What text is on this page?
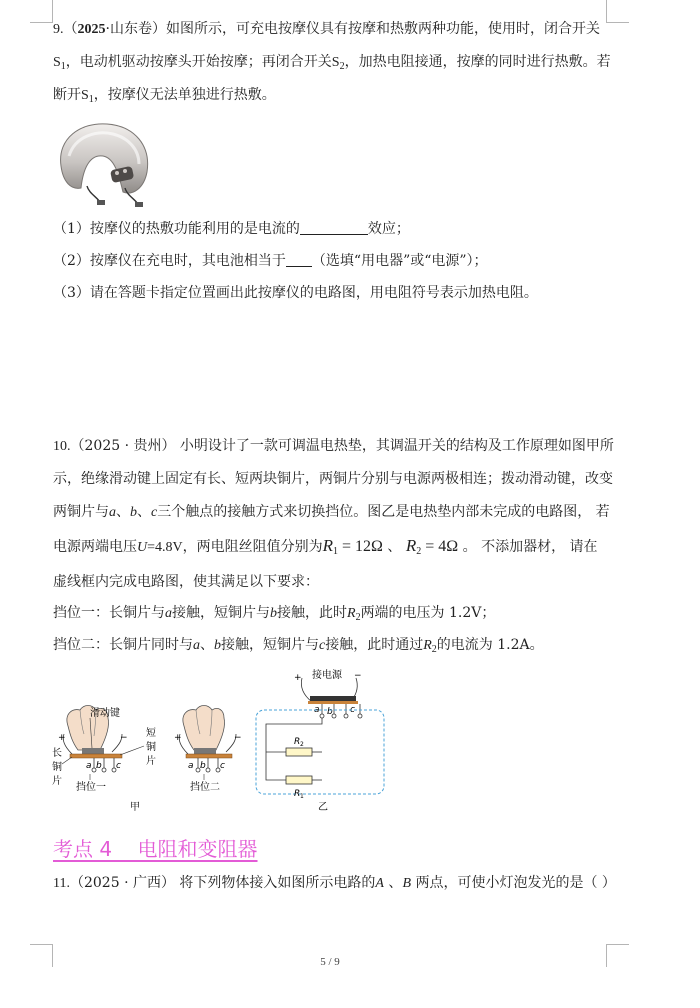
9.（2025·山东卷）如图所示，可充电按摩仪具有按摩和热敷两种功能，使用时，闭合开关
$S_1$，电动机驱动按摩头开始按摩；再闭合开关$S_2$，加热电阻接通，按摩的同时进行热敷。若
断开$S_1$，按摩仪无法单独进行热敷。
（1）按摩仪的热敷功能利用的是电流的	效应；
（2）按摩仪在充电时，其电池相当于 （选填“用电器”或“电源”）；
（3）请在答题卡指定位置画出此按摩仪的电路图，用电阻符号表示加热电阻。
10.（2025 · 贵州） 小明设计了一款可调温电热垫，其调温开关的结构及工作原理如图甲所
示，绝缘滑动键上固定有长、短两块铜片，两铜片分别与电源两极相连；拨动滑动键，改变
两铜片与a、b、c三个触点的接触方式来切换挡位。图乙是电热垫内部未完成的电路图， 若
电源两端电压U=4.8V，两电阻丝阻值分别为$R_1 = 12\Omega$ 、 $R_2 = 4\Omega$ 。 不添加器材， 请在
虚线框内完成电路图，使其满足以下要求：
挡位一：长铜片与a接触，短铜片与b接触，此时$R_2$两端的电压为 1.2V；
挡位二：长铜片同时与a、b接触，短铜片与c接触，此时通过$R_2$的电流为 1.2A。
+	−
a b c
滑动键
短
铜
片
长
铜
片
挡位一
+	−
a b c
挡位二
甲
+	−
接电源
a b c
R 2
R 1
乙
考点 4    电阻和变阻器
11.（2025 · 广西） 将下列物体接入如图所示电路的A 、B 两点，可使小灯泡发光的是（ ）
5 / 9
